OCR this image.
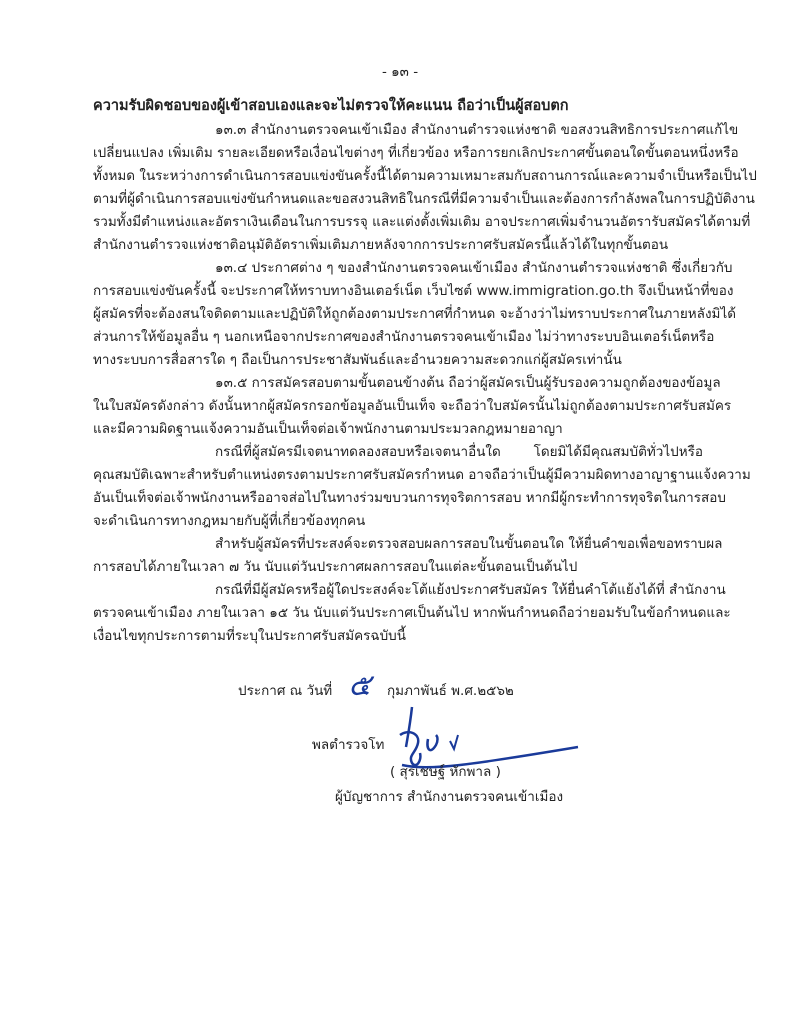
- ๑๓ -
ความรับผิดชอบของผู้เข้าสอบเองและจะไม่ตรวจให้คะแนน ถือว่าเป็นผู้สอบตก
๑๓.๓ สำนักงานตรวจคนเข้าเมือง สำนักงานตำรวจแห่งชาติ ขอสงวนสิทธิการประกาศแก้ไข
เปลี่ยนแปลง เพิ่มเติม รายละเอียดหรือเงื่อนไขต่างๆ ที่เกี่ยวข้อง หรือการยกเลิกประกาศขั้นตอนใดขั้นตอนหนึ่งหรือ
ทั้งหมด ในระหว่างการดำเนินการสอบแข่งขันครั้งนี้ได้ตามความเหมาะสมกับสถานการณ์และความจำเป็นหรือเป็นไป
ตามที่ผู้ดำเนินการสอบแข่งขันกำหนดและขอสงวนสิทธิในกรณีที่มีความจำเป็นและต้องการกำลังพลในการปฏิบัติงาน
รวมทั้งมีตำแหน่งและอัตราเงินเดือนในการบรรจุ และแต่งตั้งเพิ่มเติม อาจประกาศเพิ่มจำนวนอัตรารับสมัครได้ตามที่
สำนักงานตำรวจแห่งชาติอนุมัติอัตราเพิ่มเติมภายหลังจากการประกาศรับสมัครนี้แล้วได้ในทุกขั้นตอน
๑๓.๔ ประกาศต่าง ๆ ของสำนักงานตรวจคนเข้าเมือง สำนักงานตำรวจแห่งชาติ ซึ่งเกี่ยวกับ
การสอบแข่งขันครั้งนี้ จะประกาศให้ทราบทางอินเตอร์เน็ต เว็บไซต์ www.immigration.go.th จึงเป็นหน้าที่ของ
ผู้สมัครที่จะต้องสนใจติดตามและปฏิบัติให้ถูกต้องตามประกาศที่กำหนด จะอ้างว่าไม่ทราบประกาศในภายหลังมิได้
ส่วนการให้ข้อมูลอื่น ๆ นอกเหนือจากประกาศของสำนักงานตรวจคนเข้าเมือง ไม่ว่าทางระบบอินเตอร์เน็ตหรือ
ทางระบบการสื่อสารใด ๆ ถือเป็นการประชาสัมพันธ์และอำนวยความสะดวกแก่ผู้สมัครเท่านั้น
๑๓.๕ การสมัครสอบตามขั้นตอนข้างต้น ถือว่าผู้สมัครเป็นผู้รับรองความถูกต้องของข้อมูล
ในใบสมัครดังกล่าว ดังนั้นหากผู้สมัครกรอกข้อมูลอันเป็นเท็จ จะถือว่าใบสมัครนั้นไม่ถูกต้องตามประกาศรับสมัคร
และมีความผิดฐานแจ้งความอันเป็นเท็จต่อเจ้าพนักงานตามประมวลกฎหมายอาญา
กรณีที่ผู้สมัครมีเจตนาทดลองสอบหรือเจตนาอื่นใด โดยมิได้มีคุณสมบัติทั่วไปหรือ
คุณสมบัติเฉพาะสำหรับตำแหน่งตรงตามประกาศรับสมัครกำหนด อาจถือว่าเป็นผู้มีความผิดทางอาญาฐานแจ้งความ
อันเป็นเท็จต่อเจ้าพนักงานหรืออาจส่อไปในทางร่วมขบวนการทุจริตการสอบ หากมีผู้กระทำการทุจริตในการสอบ
จะดำเนินการทางกฎหมายกับผู้ที่เกี่ยวข้องทุกคน
สำหรับผู้สมัครที่ประสงค์จะตรวจสอบผลการสอบในขั้นตอนใด ให้ยื่นคำขอเพื่อขอทราบผล
การสอบได้ภายในเวลา ๗ วัน นับแต่วันประกาศผลการสอบในแต่ละขั้นตอนเป็นต้นไป
กรณีที่มีผู้สมัครหรือผู้ใดประสงค์จะโต้แย้งประกาศรับสมัคร ให้ยื่นคำโต้แย้งได้ที่ สำนักงาน
ตรวจคนเข้าเมือง ภายในเวลา ๑๕ วัน นับแต่วันประกาศเป็นต้นไป หากพ้นกำหนดถือว่ายอมรับในข้อกำหนดและ
เงื่อนไขทุกประการตามที่ระบุในประกาศรับสมัครฉบับนี้
ประกาศ ณ วันที่ ๕ กุมภาพันธ์ พ.ศ.๒๕๖๒
พลตำรวจโท
( สุรเชษฐ์ หักพาล )
ผู้บัญชาการ สำนักงานตรวจคนเข้าเมือง
